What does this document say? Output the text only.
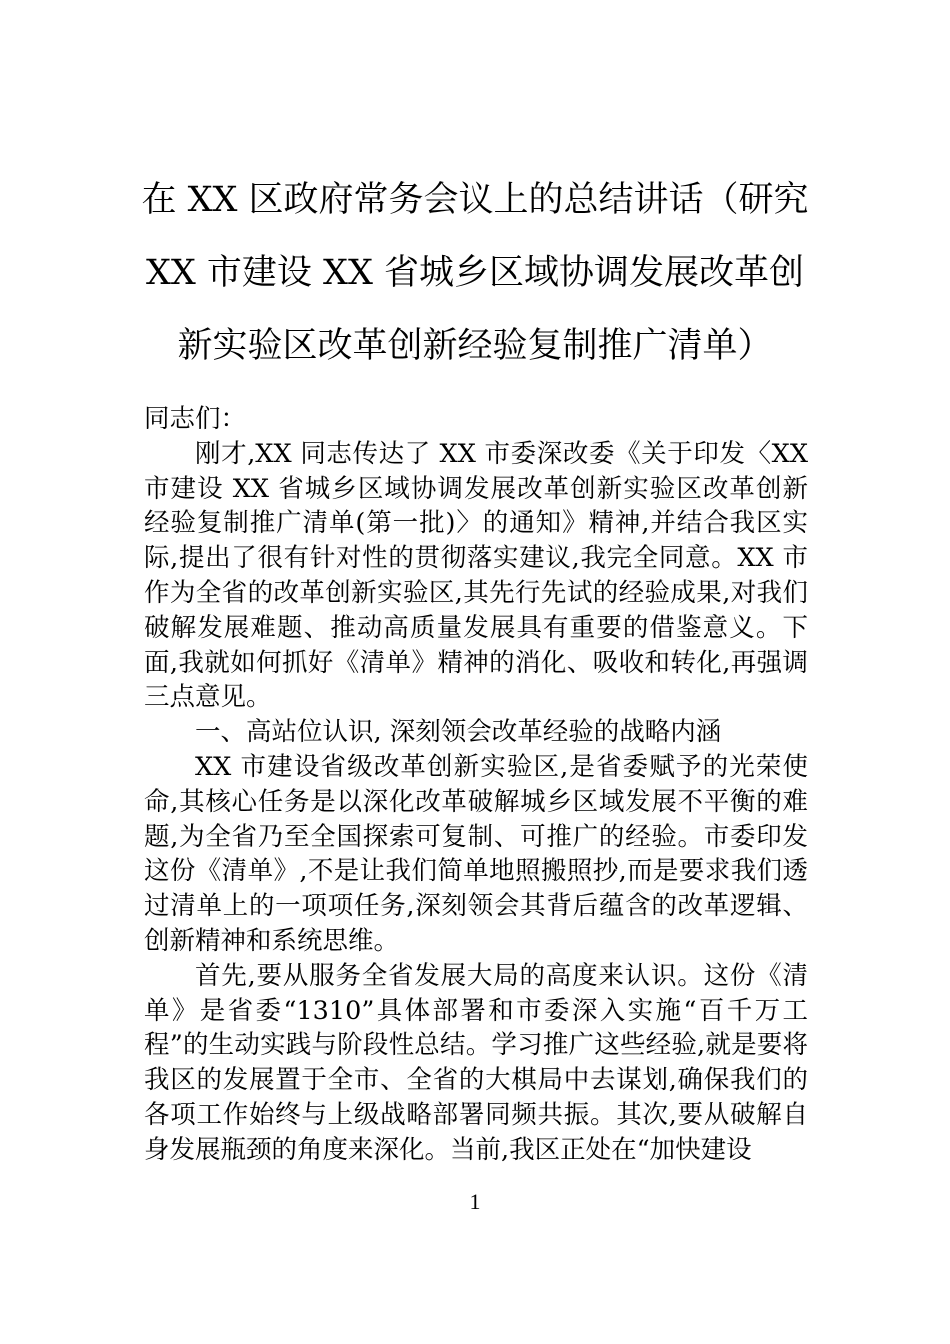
在 XX 区政府常务会议上的总结讲话（研究
XX 市建设 XX 省城乡区域协调发展改革创
新实验区改革创新经验复制推广清单）

同志们：

刚才,XX 同志传达了 XX 市委深改委《关于印发〈XX 市建设 XX 省城乡区域协调发展改革创新实验区改革创新经验复制推广清单(第一批)〉的通知》精神,并结合我区实际,提出了很有针对性的贯彻落实建议,我完全同意。XX 市作为全省的改革创新实验区,其先行先试的经验成果,对我们破解发展难题、推动高质量发展具有重要的借鉴意义。下面,我就如何抓好《清单》精神的消化、吸收和转化,再强调三点意见。

一、高站位认识, 深刻领会改革经验的战略内涵

XX 市建设省级改革创新实验区,是省委赋予的光荣使命,其核心任务是以深化改革破解城乡区域发展不平衡的难题,为全省乃至全国探索可复制、可推广的经验。市委印发这份《清单》,不是让我们简单地照搬照抄,而是要求我们透过清单上的一项项任务,深刻领会其背后蕴含的改革逻辑、创新精神和系统思维。

首先,要从服务全省发展大局的高度来认识。这份《清单》是省委“1310”具体部署和市委深入实施“百千万工程”的生动实践与阶段性总结。学习推广这些经验,就是要将我区的发展置于全市、全省的大棋局中去谋划,确保我们的各项工作始终与上级战略部署同频共振。其次,要从破解自身发展瓶颈的角度来深化。当前,我区正处在“加快建设

1
